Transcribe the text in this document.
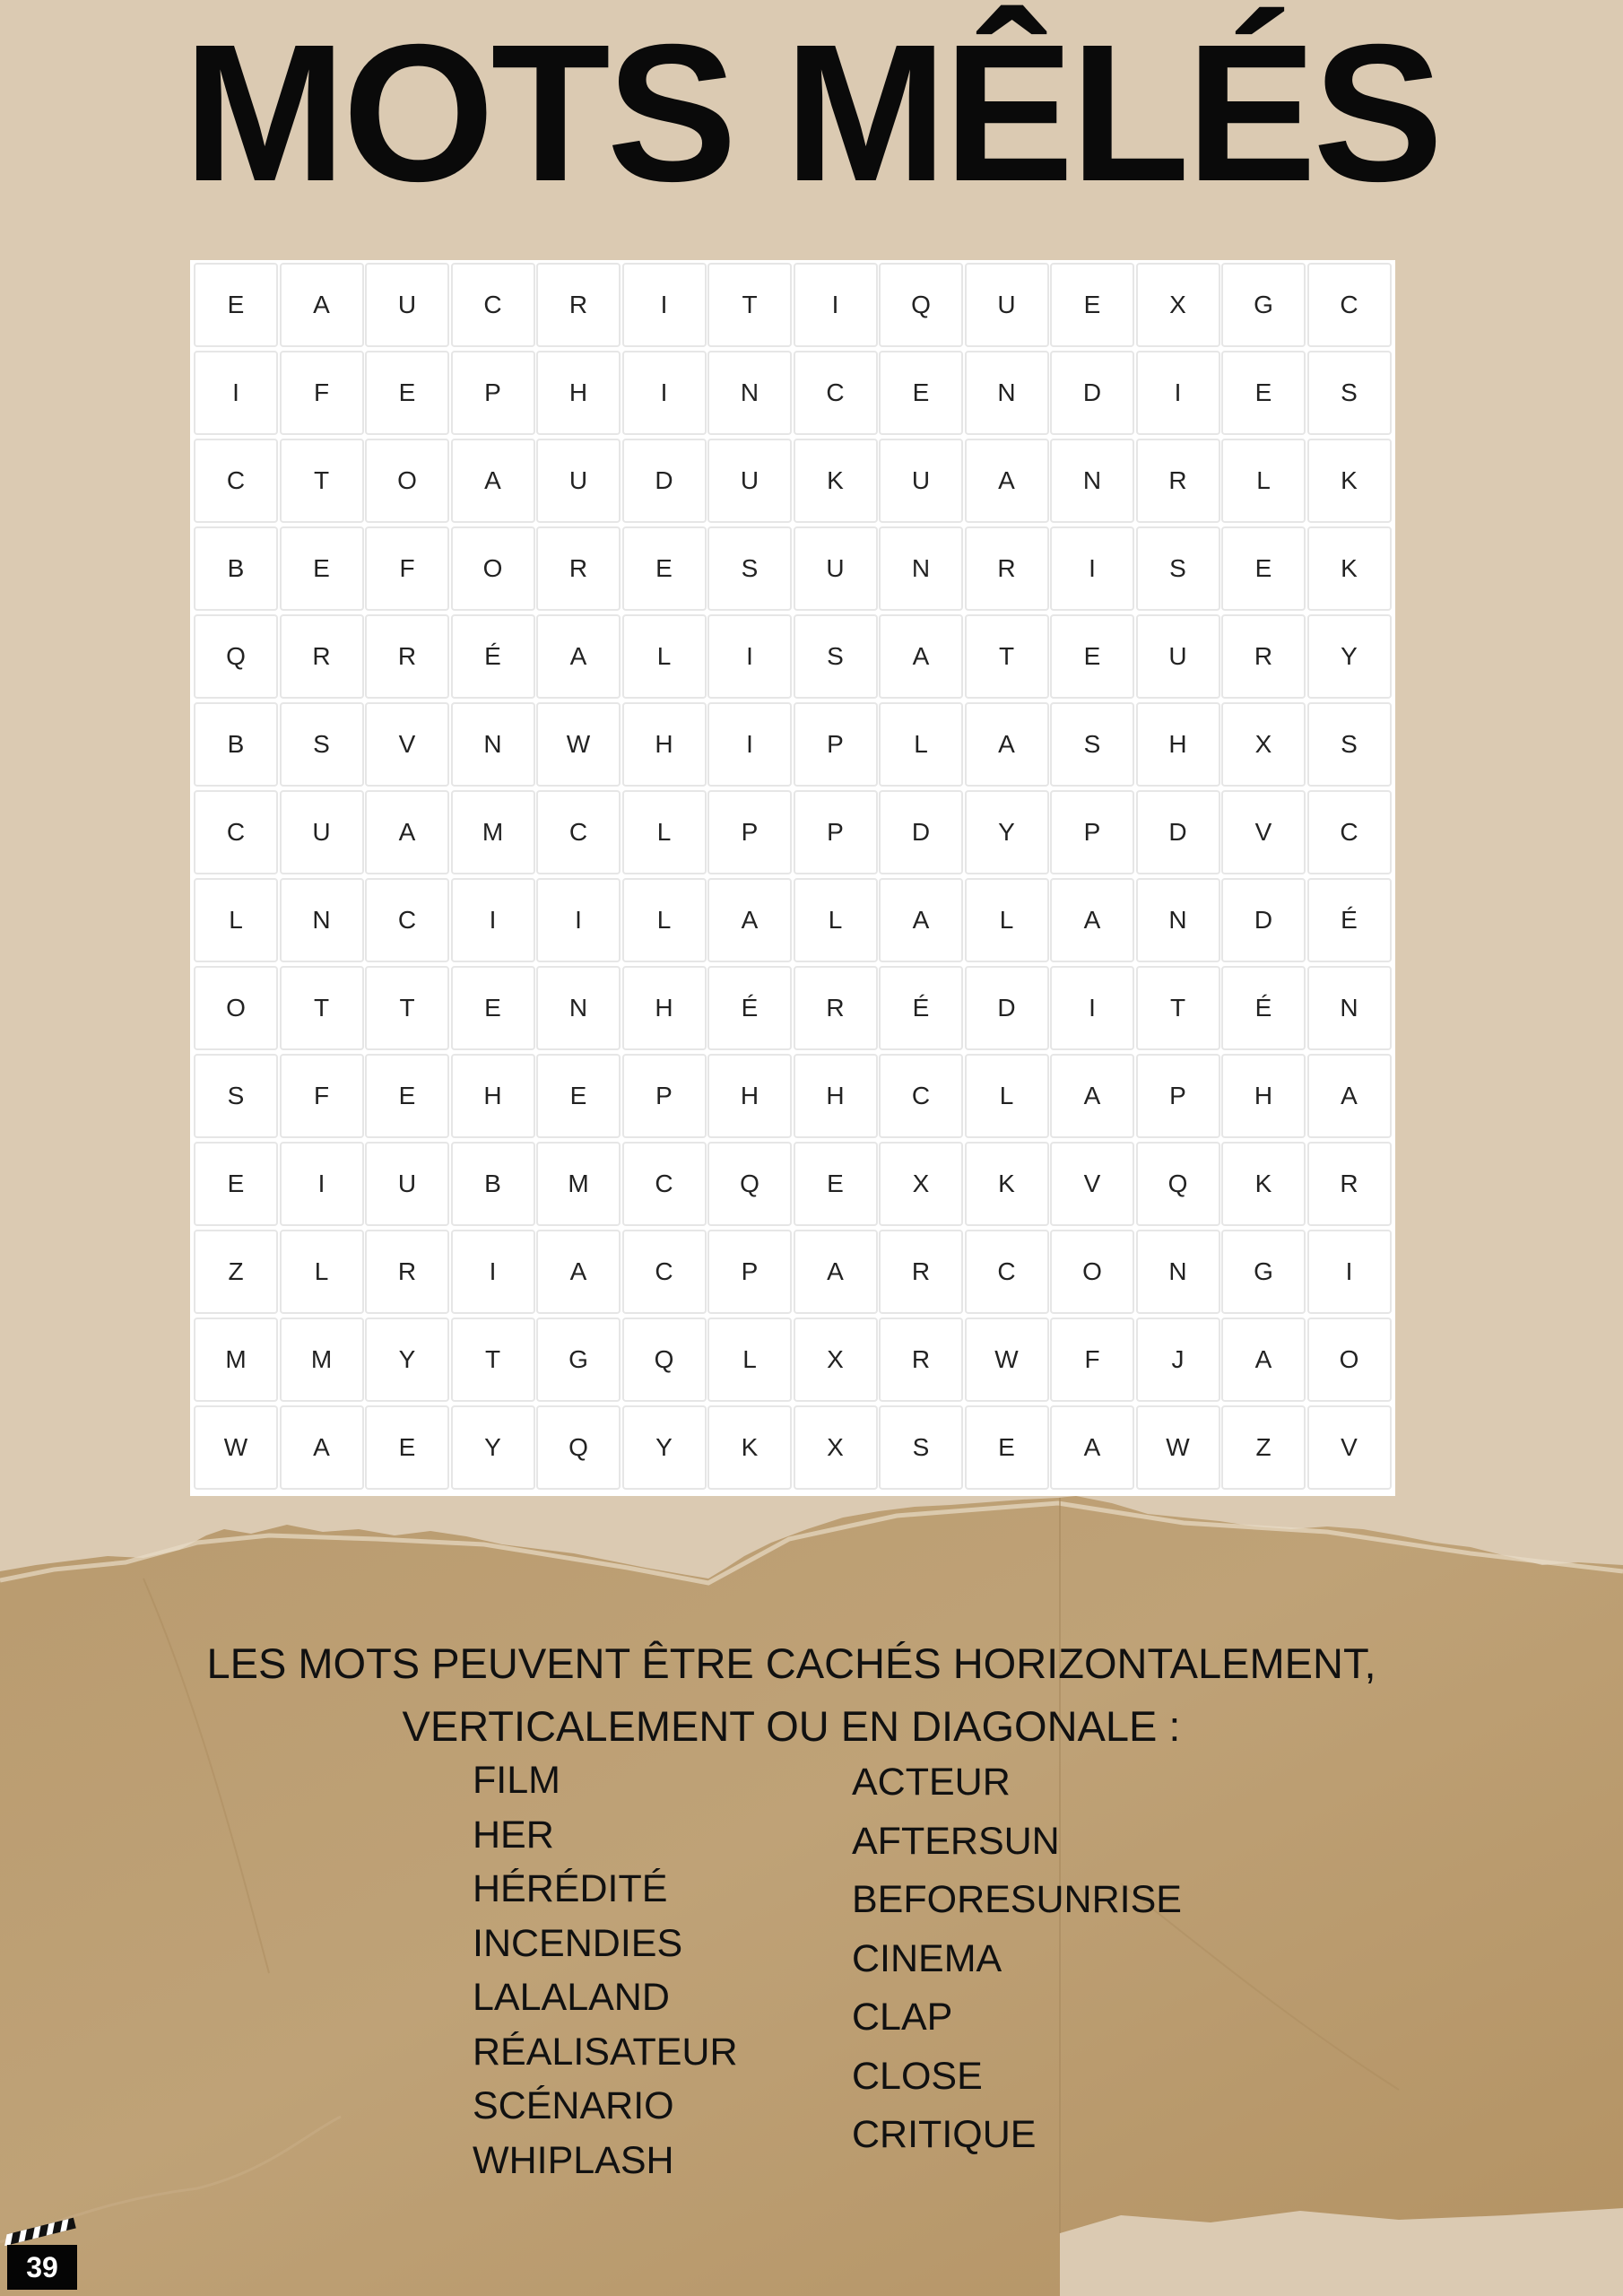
MOTS MÊLÉS
E	A	U	C	R	I	T	I	Q	U	E	X	G	C
I	F	E	P	H	I	N	C	E	N	D	I	E	S
C	T	O	A	U	D	U	K	U	A	N	R	L	K
B	E	F	O	R	E	S	U	N	R	I	S	E	K
Q	R	R	É	A	L	I	S	A	T	E	U	R	Y
B	S	V	N	W	H	I	P	L	A	S	H	X	S
C	U	A	M	C	L	P	P	D	Y	P	D	V	C
L	N	C	I	I	L	A	L	A	L	A	N	D	É
O	T	T	E	N	H	É	R	É	D	I	T	É	N
S	F	E	H	E	P	H	H	C	L	A	P	H	A
E	I	U	B	M	C	Q	E	X	K	V	Q	K	R
Z	L	R	I	A	C	P	A	R	C	O	N	G	I
M	M	Y	T	G	Q	L	X	R	W	F	J	A	O
W	A	E	Y	Q	Y	K	X	S	E	A	W	Z	V
LES MOTS PEUVENT ÊTRE CACHÉS HORIZONTALEMENT,
VERTICALEMENT OU EN DIAGONALE :
FILM
HER
HÉRÉDITÉ
INCENDIES
LALALAND
RÉALISATEUR
SCÉNARIO
WHIPLASH
ACTEUR
AFTERSUN
BEFORESUNRISE
CINEMA
CLAP
CLOSE
CRITIQUE
39
